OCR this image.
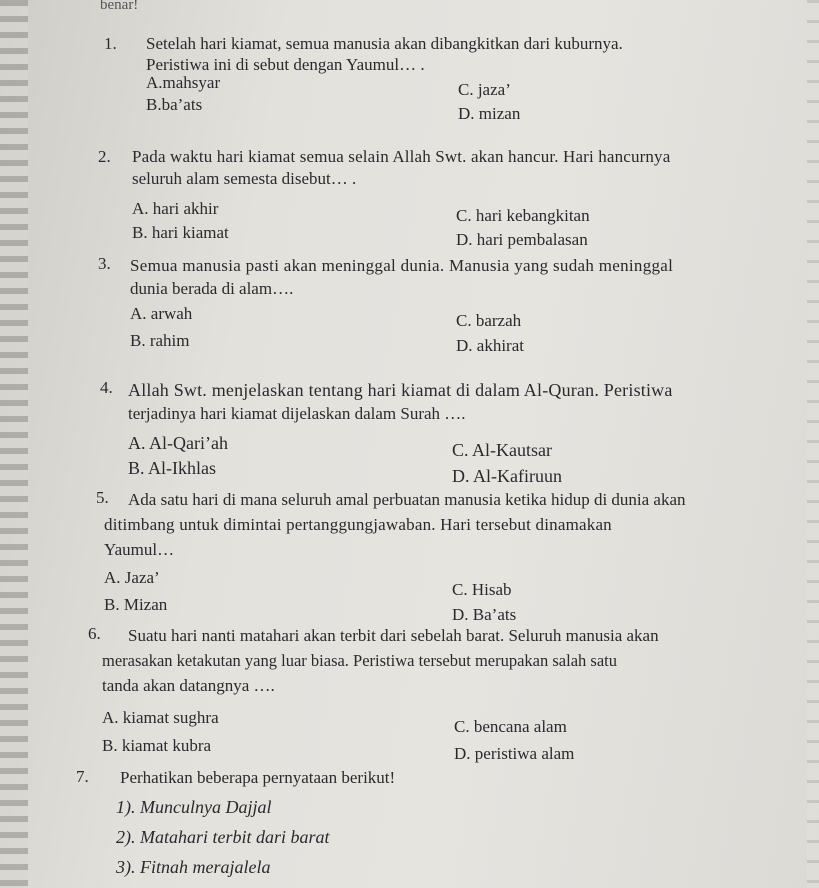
benar!
1. Setelah hari kiamat, semua manusia akan dibangkitkan dari kuburnya.
Peristiwa ini di sebut dengan Yaumul… .
A.mahsyar
B.ba’ats
C. jaza’
D. mizan
2. Pada waktu hari kiamat semua selain Allah Swt. akan hancur. Hari hancurnya
seluruh alam semesta disebut… .
A. hari akhir
B. hari kiamat
C. hari kebangkitan
D. hari pembalasan
3. Semua manusia pasti akan meninggal dunia. Manusia yang sudah meninggal
dunia berada di alam….
A. arwah
B. rahim
C. barzah
D. akhirat
4. Allah Swt. menjelaskan tentang hari kiamat di dalam Al-Quran. Peristiwa
terjadinya hari kiamat dijelaskan dalam Surah ….
A. Al-Qari’ah
B. Al-Ikhlas
C. Al-Kautsar
D. Al-Kafiruun
5. Ada satu hari di mana seluruh amal perbuatan manusia ketika hidup di dunia akan
ditimbang untuk dimintai pertanggungjawaban. Hari tersebut dinamakan
Yaumul…
A. Jaza’
B. Mizan
C. Hisab
D. Ba’ats
6. Suatu hari nanti matahari akan terbit dari sebelah barat. Seluruh manusia akan
merasakan ketakutan yang luar biasa. Peristiwa tersebut merupakan salah satu
tanda akan datangnya ….
A. kiamat sughra
B. kiamat kubra
C. bencana alam
D. peristiwa alam
7. Perhatikan beberapa pernyataan berikut!
1). Munculnya Dajjal
2). Matahari terbit dari barat
3). Fitnah merajalela
